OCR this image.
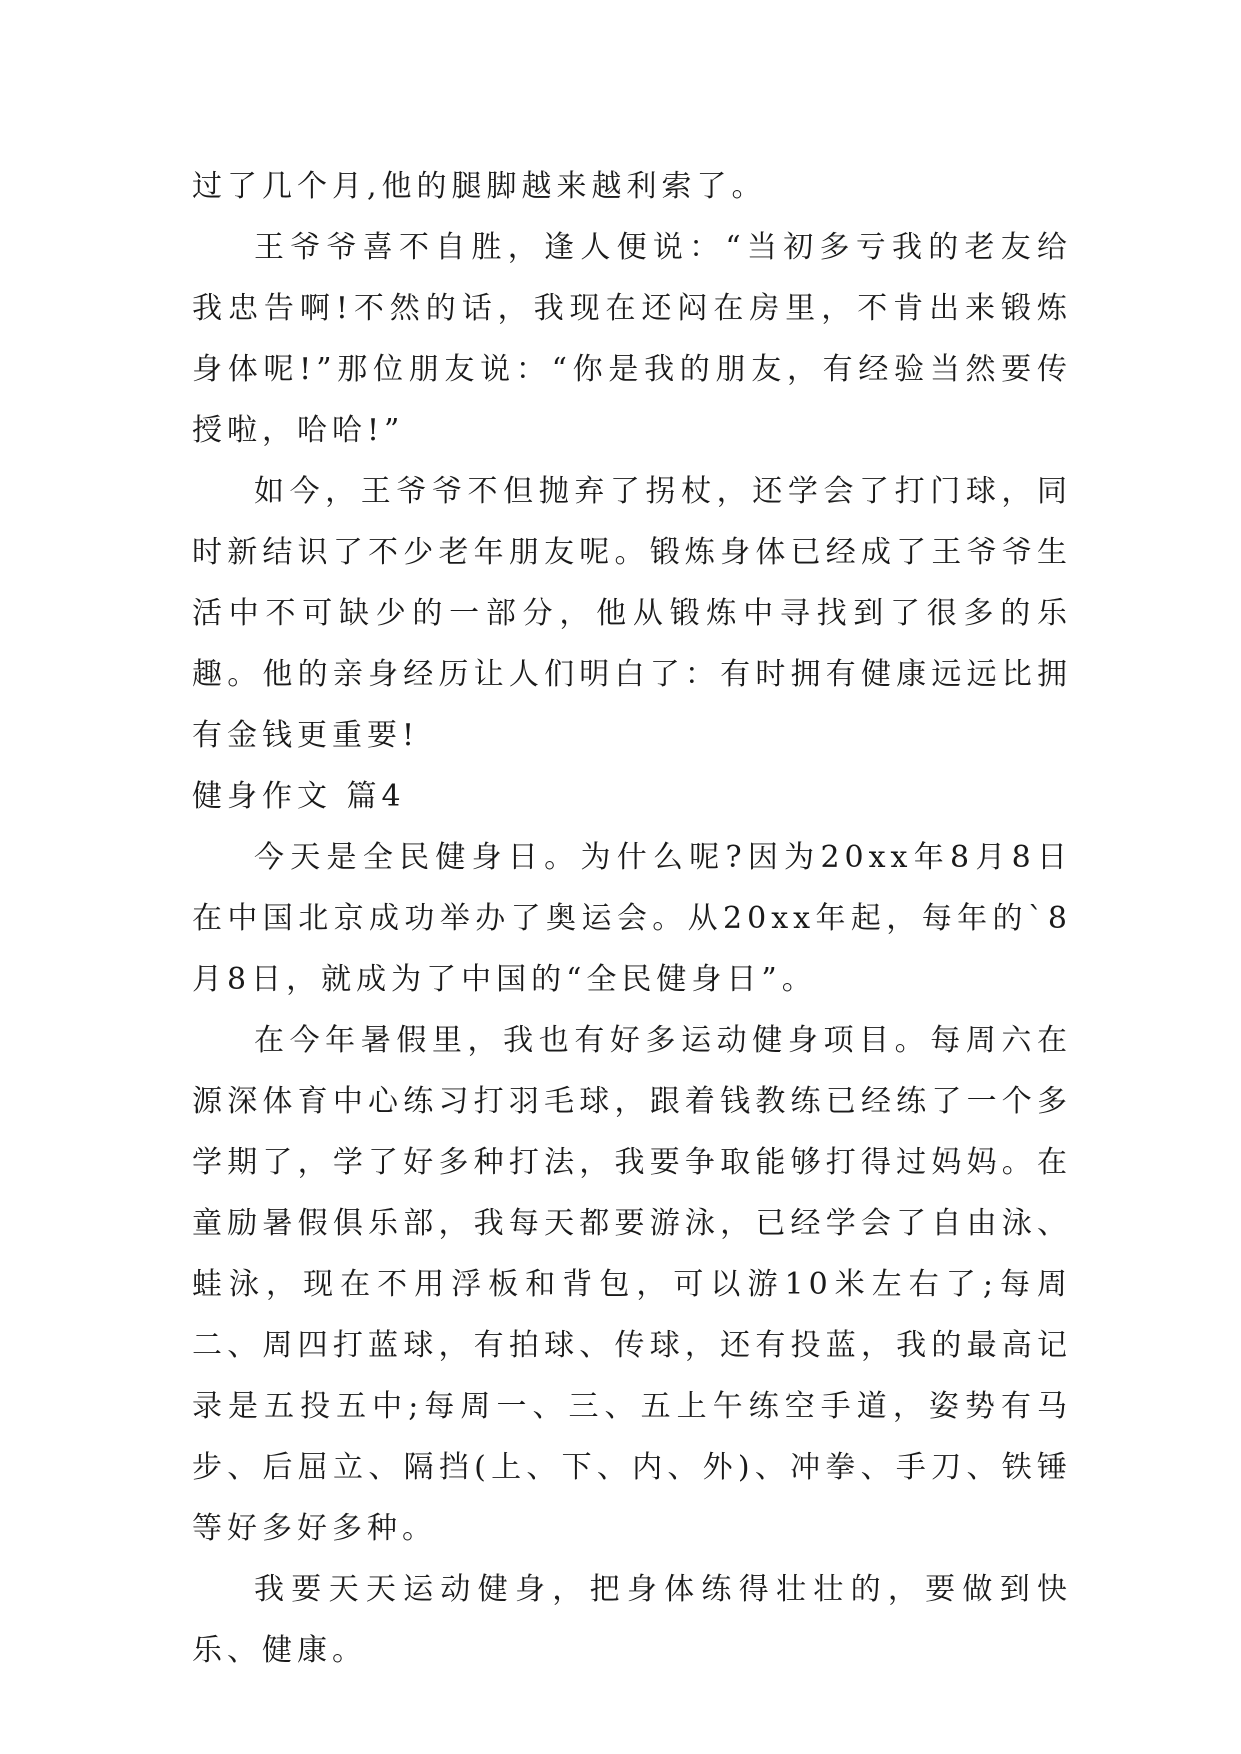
过了几个月,他的腿脚越来越利索了。

王爷爷喜不自胜，逢人便说：“当初多亏我的老友给我忠告啊!不然的话，我现在还闷在房里，不肯出来锻炼身体呢!”那位朋友说：“你是我的朋友，有经验当然要传授啦，哈哈!”

如今，王爷爷不但抛弃了拐杖，还学会了打门球，同时新结识了不少老年朋友呢。锻炼身体已经成了王爷爷生活中不可缺少的一部分，他从锻炼中寻找到了很多的乐趣。他的亲身经历让人们明白了：有时拥有健康远远比拥有金钱更重要!

健身作文 篇4

今天是全民健身日。为什么呢?因为20xx年8月8日在中国北京成功举办了奥运会。从20xx年起，每年的`8月8日，就成为了中国的“全民健身日”。

在今年暑假里，我也有好多运动健身项目。每周六在源深体育中心练习打羽毛球，跟着钱教练已经练了一个多学期了，学了好多种打法，我要争取能够打得过妈妈。在童励暑假俱乐部，我每天都要游泳，已经学会了自由泳、蛙泳，现在不用浮板和背包，可以游10米左右了;每周二、周四打蓝球，有拍球、传球，还有投蓝，我的最高记录是五投五中;每周一、三、五上午练空手道，姿势有马步、后屈立、隔挡(上、下、内、外)、冲拳、手刀、铁锤等好多好多种。

我要天天运动健身，把身体练得壮壮的，要做到快乐、健康。
